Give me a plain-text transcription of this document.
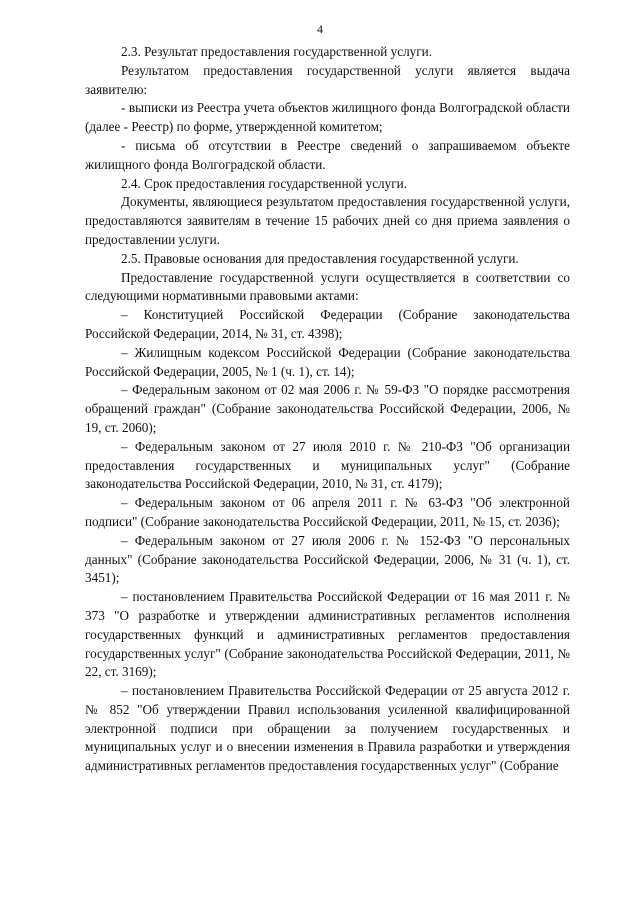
4

2.3. Результат предоставления государственной услуги.

Результатом предоставления государственной услуги является выдача заявителю:

- выписки из Реестра учета объектов жилищного фонда Волгоградской области (далее - Реестр) по форме, утвержденной комитетом;

- письма об отсутствии в Реестре сведений о запрашиваемом объекте жилищного фонда Волгоградской области.

2.4. Срок предоставления государственной услуги.

Документы, являющиеся результатом предоставления государственной услуги, предоставляются заявителям в течение 15 рабочих дней со дня приема заявления о предоставлении услуги.

2.5. Правовые основания для предоставления государственной услуги.

Предоставление государственной услуги осуществляется в соответствии со следующими нормативными правовыми актами:

– Конституцией Российской Федерации (Собрание законодательства Российской Федерации, 2014, № 31, ст. 4398);

– Жилищным кодексом Российской Федерации (Собрание законодательства Российской Федерации, 2005, № 1 (ч. 1), ст. 14);

– Федеральным законом от 02 мая 2006 г. № 59-ФЗ "О порядке рассмотрения обращений граждан" (Собрание законодательства Российской Федерации, 2006, № 19, ст. 2060);

– Федеральным законом от 27 июля 2010 г. № 210-ФЗ "Об организации предоставления государственных и муниципальных услуг" (Собрание законодательства Российской Федерации, 2010, № 31, ст. 4179);

– Федеральным законом от 06 апреля 2011 г. № 63-ФЗ "Об электронной подписи" (Собрание законодательства Российской Федерации, 2011, № 15, ст. 2036);

– Федеральным законом от 27 июля 2006 г. № 152-ФЗ "О персональных данных" (Собрание законодательства Российской Федерации, 2006, № 31 (ч. 1), ст. 3451);

– постановлением Правительства Российской Федерации от 16 мая 2011 г. № 373 "О разработке и утверждении административных регламентов исполнения государственных функций и административных регламентов предоставления государственных услуг" (Собрание законодательства Российской Федерации, 2011, № 22, ст. 3169);

– постановлением Правительства Российской Федерации от 25 августа 2012 г. № 852 "Об утверждении Правил использования усиленной квалифицированной электронной подписи при обращении за получением государственных и муниципальных услуг и о внесении изменения в Правила разработки и утверждения административных регламентов предоставления государственных услуг" (Собрание
